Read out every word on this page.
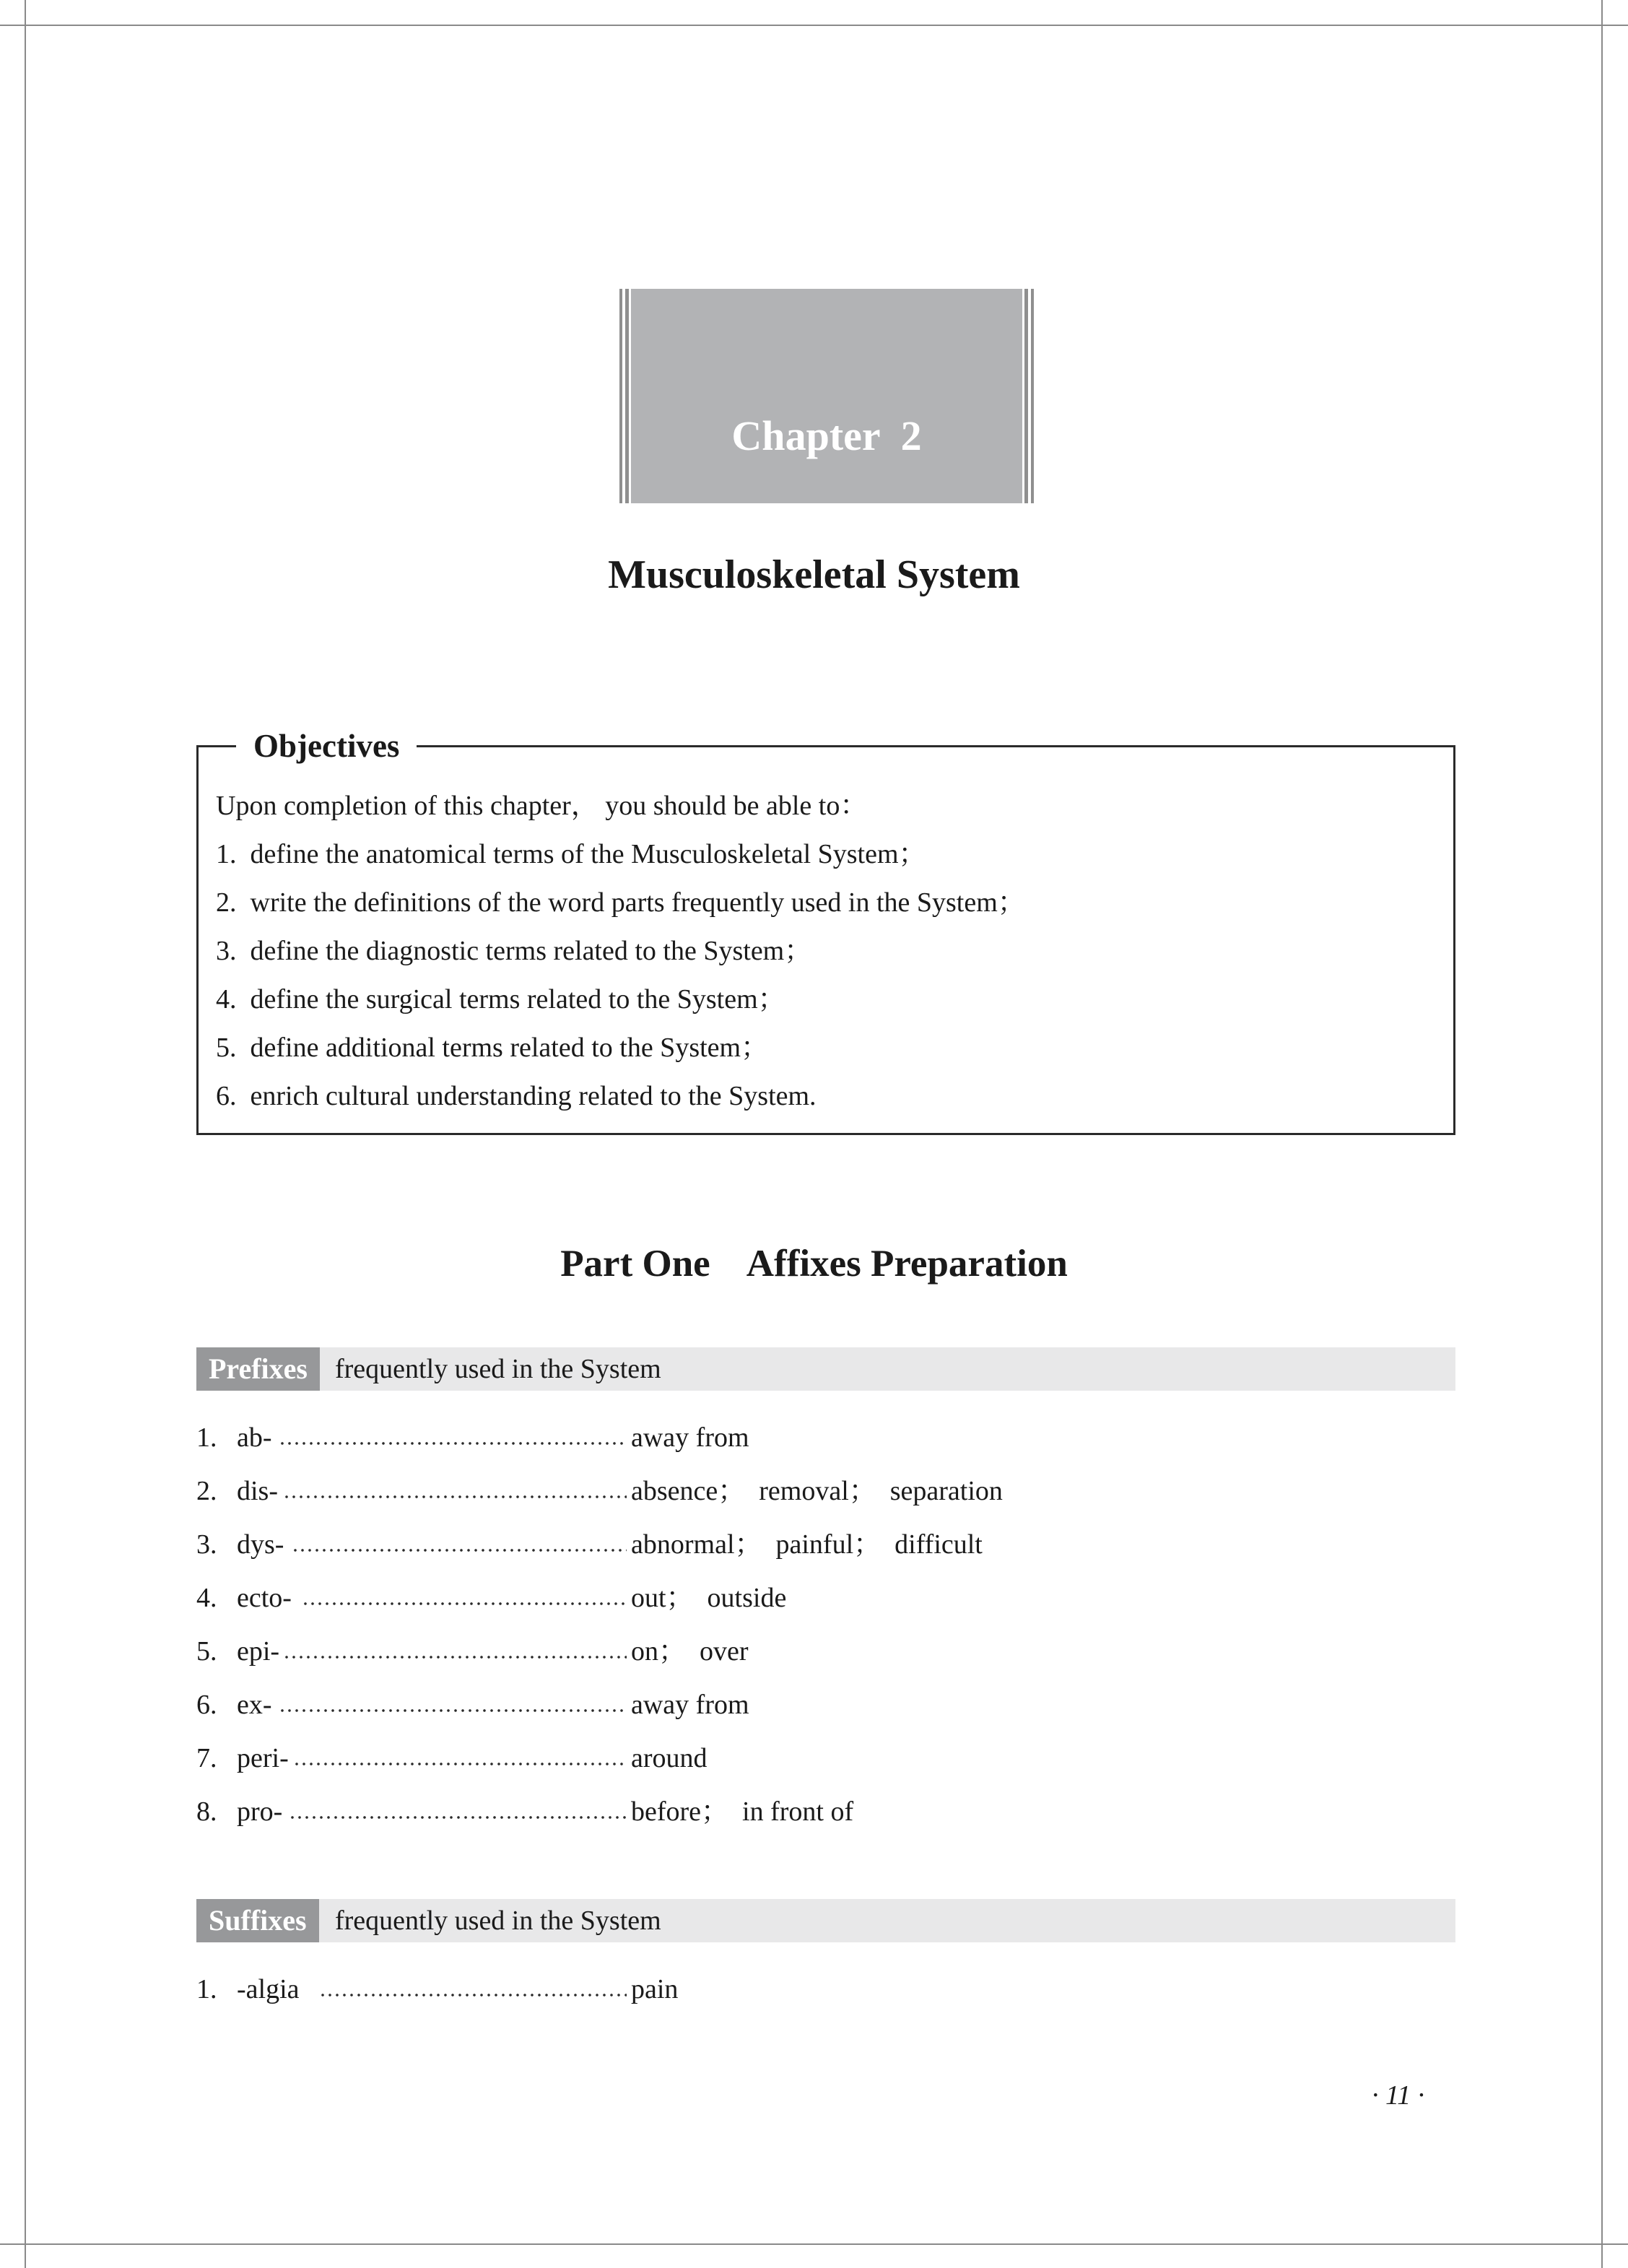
Chapter  2
Musculoskeletal System
Objectives
Upon completion of this chapter， you should be able to：
1.  define the anatomical terms of the Musculoskeletal System；
2.  write the definitions of the word parts frequently used in the System；
3.  define the diagnostic terms related to the System；
4.  define the surgical terms related to the System；
5.  define additional terms related to the System；
6.  enrich cultural understanding related to the System.
Part One    Affixes Preparation
Prefixes	frequently used in the System
1. ab-	away from
2. dis-	absence；  removal；  separation
3. dys-	abnormal；  painful；  difficult
4. ecto-	out；  outside
5. epi-	on；  over
6. ex-	away from
7. peri-	around
8. pro-	before；  in front of
Suffixes	frequently used in the System
1. -algia	pain
· 11 ·
